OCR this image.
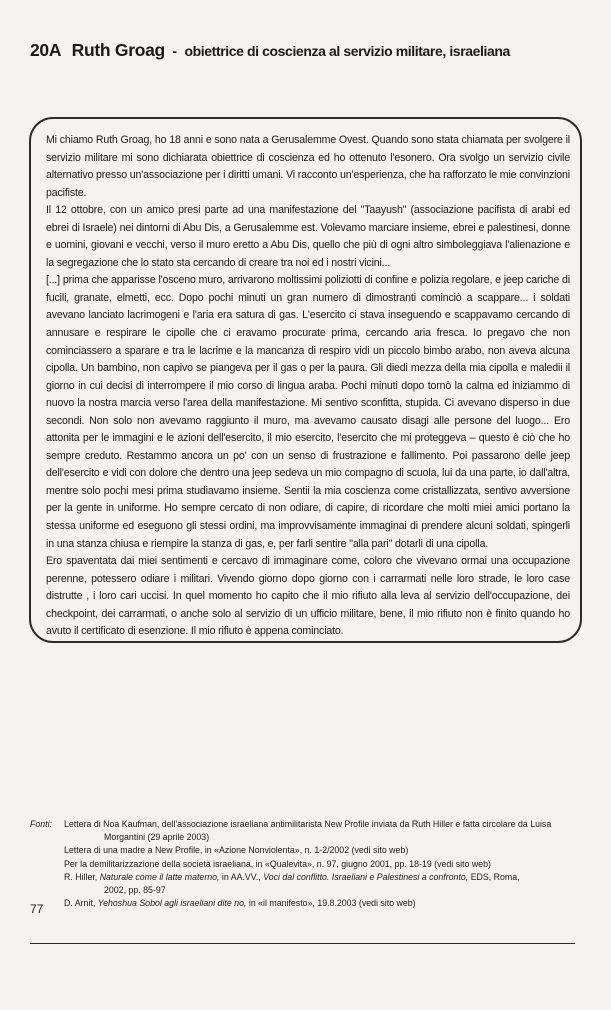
20A Ruth Groag - obiettrice di coscienza al servizio militare, israeliana

Mi chiamo Ruth Groag, ho 18 anni e sono nata a Gerusalemme Ovest. Quando sono stata chiamata per svolgere il servizio militare mi sono dichiarata obiettrice di coscienza ed ho ottenuto l'esonero. Ora svolgo un servizio civile alternativo presso un'associazione per i diritti umani. Vi racconto un'esperienza, che ha rafforzato le mie convinzioni pacifiste.

Il 12 ottobre, con un amico presi parte ad una manifestazione del "Taayush" (associazione pacifista di arabi ed ebrei di Israele) nei dintorni di Abu Dis, a Gerusalemme est. Volevamo marciare insieme, ebrei e palestinesi, donne e uomini, giovani e vecchi, verso il muro eretto a Abu Dis, quello che più di ogni altro simboleggiava l'alienazione e la segregazione che lo stato sta cercando di creare tra noi ed i nostri vicini...

[...] prima che apparisse l'osceno muro, arrivarono moltissimi poliziotti di confine e polizia regolare, e jeep cariche di fucili, granate, elmetti, ecc. Dopo pochi minuti un gran numero di dimostranti cominciò a scappare... i soldati avevano lanciato lacrimogeni e l'aria era satura di gas. L'esercito ci stava inseguendo e scappavamo cercando di annusare e respirare le cipolle che ci eravamo procurate prima, cercando aria fresca. Io pregavo che non cominciassero a sparare e tra le lacrime e la mancanza di respiro vidi un piccolo bimbo arabo, non aveva alcuna cipolla. Un bambino, non capivo se piangeva per il gas o per la paura. Gli diedi mezza della mia cipolla e maledii il giorno in cui decisi di interrompere il mio corso di lingua araba. Pochi minuti dopo tornò la calma ed iniziammo di nuovo la nostra marcia verso l'area della manifestazione. Mi sentivo sconfitta, stupida. Ci avevano disperso in due secondi. Non solo non avevamo raggiunto il muro, ma avevamo causato disagi alle persone del luogo... Ero attonita per le immagini e le azioni dell'esercito, il mio esercito, l'esercito che mi proteggeva – questo è ciò che ho sempre creduto. Restammo ancora un po' con un senso di frustrazione e fallimento. Poi passarono delle jeep dell'esercito e vidi con dolore che dentro una jeep sedeva un mio compagno di scuola, lui da una parte, io dall'altra, mentre solo pochi mesi prima studiavamo insieme. Sentii la mia coscienza come cristallizzata, sentivo avversione per la gente in uniforme. Ho sempre cercato di non odiare, di capire, di ricordare che molti miei amici portano la stessa uniforme ed eseguono gli stessi ordini, ma improvvisamente immaginai di prendere alcuni soldati, spingerli in una stanza chiusa e riempire la stanza di gas, e, per farli sentire "alla pari" dotarli di una cipolla.

Ero spaventata dai miei sentimenti e cercavo di immaginare come, coloro che vivevano ormai una occupazione perenne, potessero odiare i militari. Vivendo giorno dopo giorno con i carrarmati nelle loro strade, le loro case distrutte , i loro cari uccisi. In quel momento ho capito che il mio rifiuto alla leva al servizio dell'occupazione, dei checkpoint, dei carrarmati, o anche solo al servizio di un ufficio militare, bene, il mio rifiuto non è finito quando ho avuto il certificato di esenzione. Il mio rifiuto è appena cominciato.

Fonti: Lettera di Noa Kaufman, dell'associazione israeliana antimilitarista New Profile inviata da Ruth Hiller e fatta circolare da Luisa Morgantini (29 aprile 2003)

Lettera di una madre a New Profile, in «Azione Nonviolenta», n. 1-2/2002 (vedi sito web)

Per la demilitarizzazione della società israeliana, in «Qualevita», n. 97, giugno 2001, pp. 18-19 (vedi sito web)

R. Hiller, Naturale come il latte materno, in AA.VV., Voci dal conflitto. Israeliani e Palestinesi a confronto, EDS, Roma,

2002, pp. 85-97

D. Arnit, Yehoshua Sobol agli israeliani dite no, in «il manifesto», 19.8.2003 (vedi sito web)

77
